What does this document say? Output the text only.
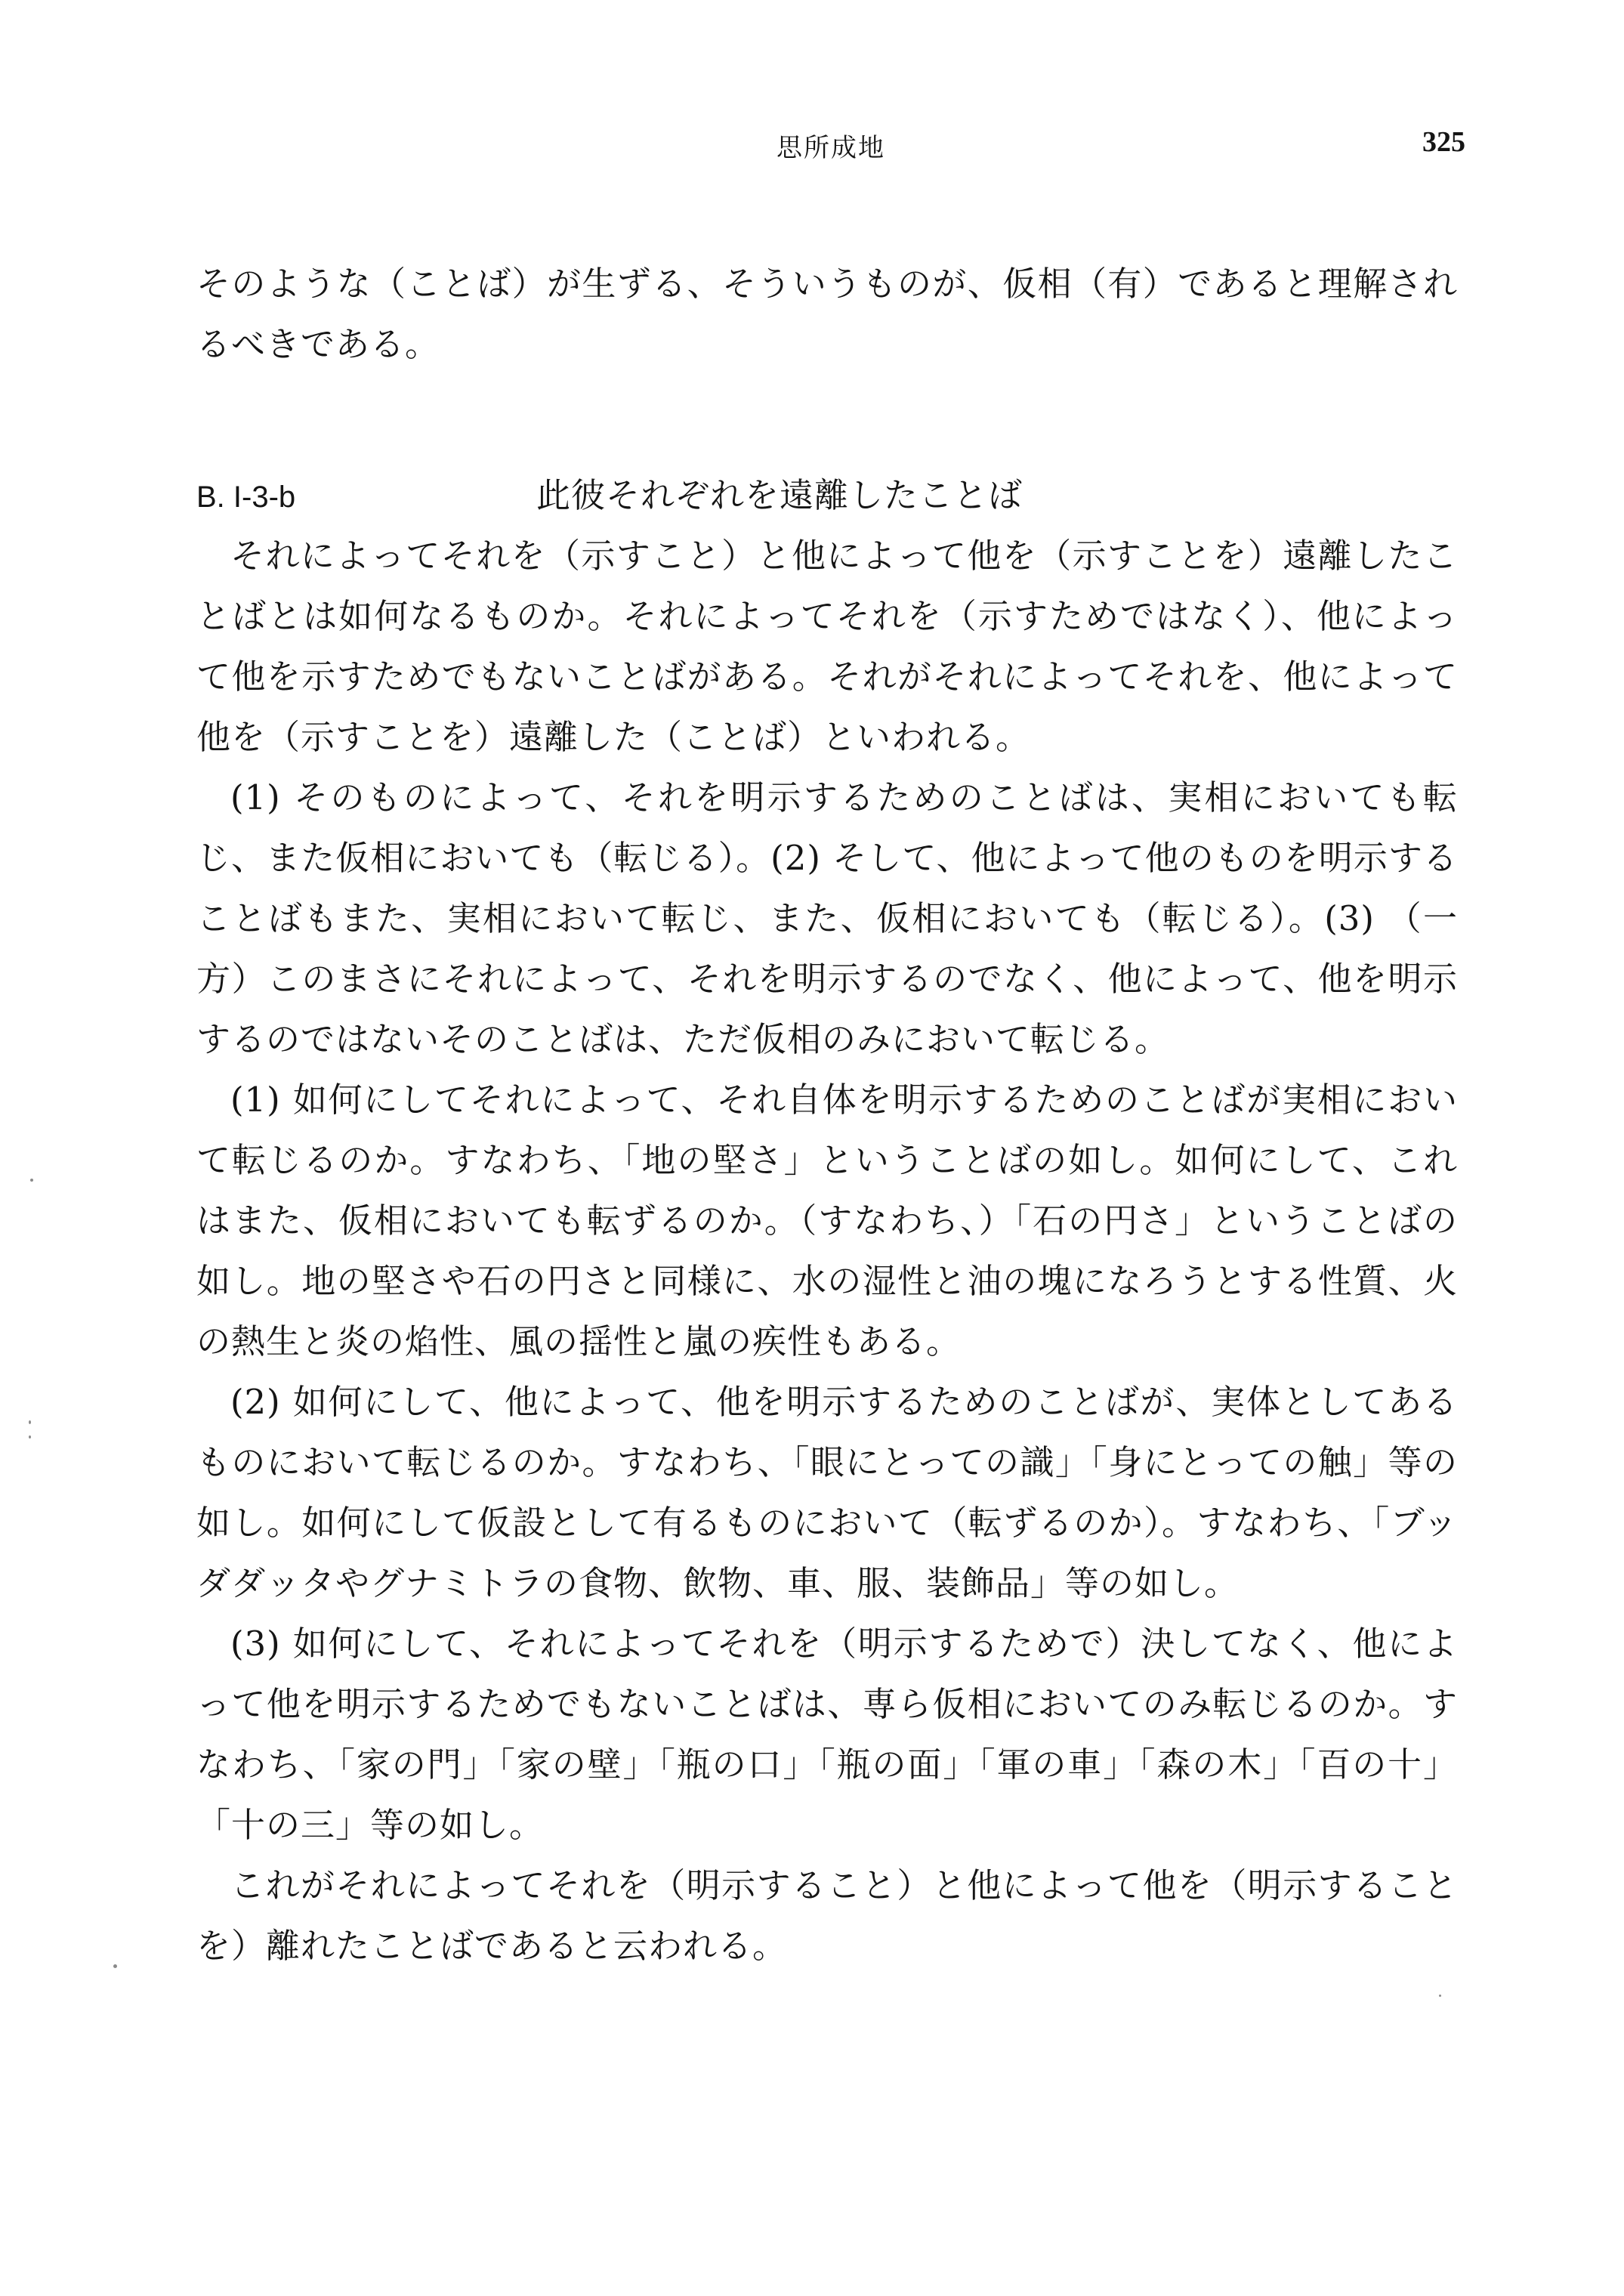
思所成地	325

そのような（ことば）が生ずる、そういうものが、仮相（有）であると理解されるべきである。

B. I-3-b	此彼それぞれを遠離したことば

それによってそれを（示すこと）と他によって他を（示すことを）遠離したことばとは如何なるものか。それによってそれを（示すためではなく）、他によって他を示すためでもないことばがある。それがそれによってそれを、他によって他を（示すことを）遠離した（ことば）といわれる。

(1) そのものによって、それを明示するためのことばは、実相においても転じ、また仮相においても（転じる）。(2) そして、他によって他のものを明示することばもまた、実相において転じ、また、仮相においても（転じる）。(3) （一方）このまさにそれによって、それを明示するのでなく、他によって、他を明示するのではないそのことばは、ただ仮相のみにおいて転じる。

(1) 如何にしてそれによって、それ自体を明示するためのことばが実相において転じるのか。すなわち、「地の堅さ」ということばの如し。如何にして、これはまた、仮相においても転ずるのか。（すなわち、）「石の円さ」ということばの如し。地の堅さや石の円さと同様に、水の湿性と油の塊になろうとする性質、火の熱生と炎の焰性、風の揺性と嵐の疾性もある。

(2) 如何にして、他によって、他を明示するためのことばが、実体としてあるものにおいて転じるのか。すなわち、「眼にとっての識」「身にとっての触」等の如し。如何にして仮設として有るものにおいて（転ずるのか）。すなわち、「ブッダダッタやグナミトラの食物、飲物、車、服、装飾品」等の如し。

(3) 如何にして、それによってそれを（明示するためで）決してなく、他によって他を明示するためでもないことばは、専ら仮相においてのみ転じるのか。すなわち、「家の門」「家の壁」「瓶の口」「瓶の面」「軍の車」「森の木」「百の十」「十の三」等の如し。

これがそれによってそれを（明示すること）と他によって他を（明示することを）離れたことばであると云われる。
